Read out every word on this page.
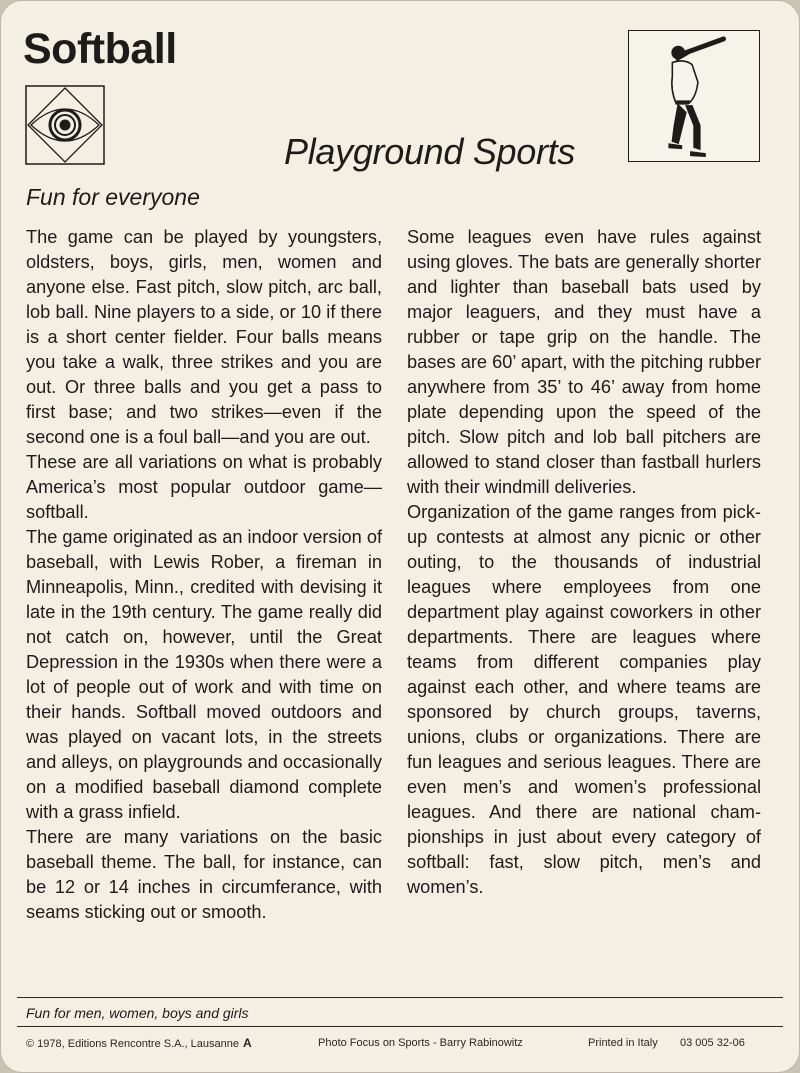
Softball
Playground Sports
Fun for everyone

The game can be played by youngsters, oldsters, boys, girls, men, women and anyone else. Fast pitch, slow pitch, arc ball, lob ball. Nine players to a side, or 10 if there is a short center fielder. Four balls means you take a walk, three strikes and you are out. Or three balls and you get a pass to first base; and two strikes—even if the second one is a foul ball—and you are out.

These are all variations on what is probably America’s most popular outdoor game—softball.

The game originated as an indoor version of baseball, with Lewis Rober, a fireman in Minneapolis, Minn., credited with devising it late in the 19th century. The game really did not catch on, however, until the Great Depression in the 1930s when there were a lot of people out of work and with time on their hands. Softball moved outdoors and was played on vacant lots, in the streets and alleys, on playgrounds and occasionally on a modified baseball diamond complete with a grass infield.

There are many variations on the basic baseball theme. The ball, for instance, can be 12 or 14 inches in circumferance, with seams sticking out or smooth.

Some leagues even have rules against using gloves. The bats are generally shorter and lighter than baseball bats used by major leaguers, and they must have a rubber or tape grip on the handle. The bases are 60’ apart, with the pitching rubber anywhere from 35’ to 46’ away from home plate depending upon the speed of the pitch. Slow pitch and lob ball pitchers are allowed to stand closer than fastball hurlers with their windmill deliveries.

Organization of the game ranges from pick-up contests at almost any picnic or other outing, to the thousands of industrial leagues where employees from one department play against coworkers in other departments. There are leagues where teams from different companies play against each other, and where teams are sponsored by church groups, taverns, unions, clubs or organizations. There are fun leagues and serious leagues. There are even men’s and women’s professional leagues. And there are national championships in just about every category of softball: fast, slow pitch, men’s and women’s.

Fun for men, women, boys and girls
© 1978, Editions Rencontre S.A., Lausanne A	Photo Focus on Sports - Barry Rabinowitz	Printed in Italy 03 005 32-06
